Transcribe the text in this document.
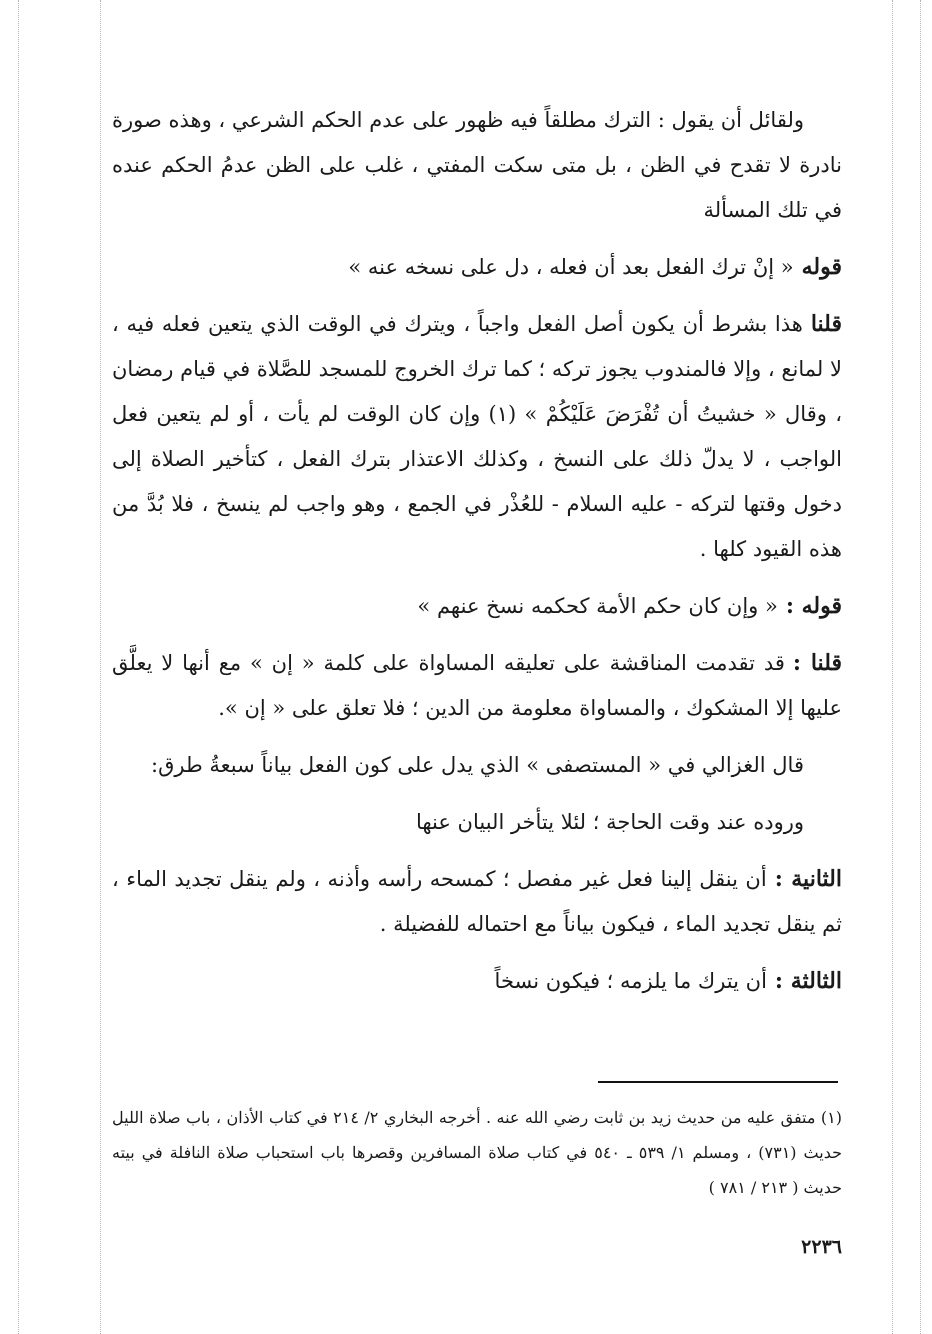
ولقائل أن يقول : الترك مطلقاً فيه ظهور على عدم الحكم الشرعي ، وهذه صورة نادرة لا تقدح في الظن ، بل متى سكت المفتي ، غلب على الظن عدمُ الحكم عنده في تلك المسألة

قوله« إنْ ترك الفعل بعد أن فعله ، دل على نسخه عنه »

قلناهذا بشرط أن يكون أصل الفعل واجباً ، ويترك في الوقت الذي يتعين فعله فيه ، لا لمانع ، وإلا فالمندوب يجوز تركه ؛ كما ترك الخروج للمسجد للصَّلاة في قيام رمضان ، وقال « خشيتُ أن تُفْرَضَ عَلَيْكُمْ » (١) وإن كان الوقت لم يأت ، أو لم يتعين فعل الواجب ، لا يدلّ ذلك على النسخ ، وكذلك الاعتذار بترك الفعل ، كتأخير الصلاة إلى دخول وقتها لتركه - عليه السلام - للعُذْر في الجمع ، وهو واجب لم ينسخ ، فلا بُدَّ من هذه القيود كلها .

قوله :« وإن كان حكم الأمة كحكمه نسخ عنهم »

قلنا :قد تقدمت المناقشة على تعليقه المساواة على كلمة « إن » مع أنها لا يعلَّق عليها إلا المشكوك ، والمساواة معلومة من الدين ؛ فلا تعلق على « إن ».

قال الغزالي في « المستصفى » الذي يدل على كون الفعل بياناً سبعةُ طرق:

وروده عند وقت الحاجة ؛ لئلا يتأخر البيان عنها

الثانية :أن ينقل إلينا فعل غير مفصل ؛ كمسحه رأسه وأذنه ، ولم ينقل تجديد الماء ، ثم ينقل تجديد الماء ، فيكون بياناً مع احتماله للفضيلة .

الثالثة :أن يترك ما يلزمه ؛ فيكون نسخاً

(١) متفق عليه من حديث زيد بن ثابت رضي الله عنه . أخرجه البخاري ٢/ ٢١٤ في كتاب الأذان ، باب صلاة الليل حديث (٧٣١) ، ومسلم ١/ ٥٣٩ ـ ٥٤٠ في كتاب صلاة المسافرين وقصرها باب استحباب صلاة النافلة في بيته حديث ( ٢١٣ / ٧٨١ )
٢٢٣٦
